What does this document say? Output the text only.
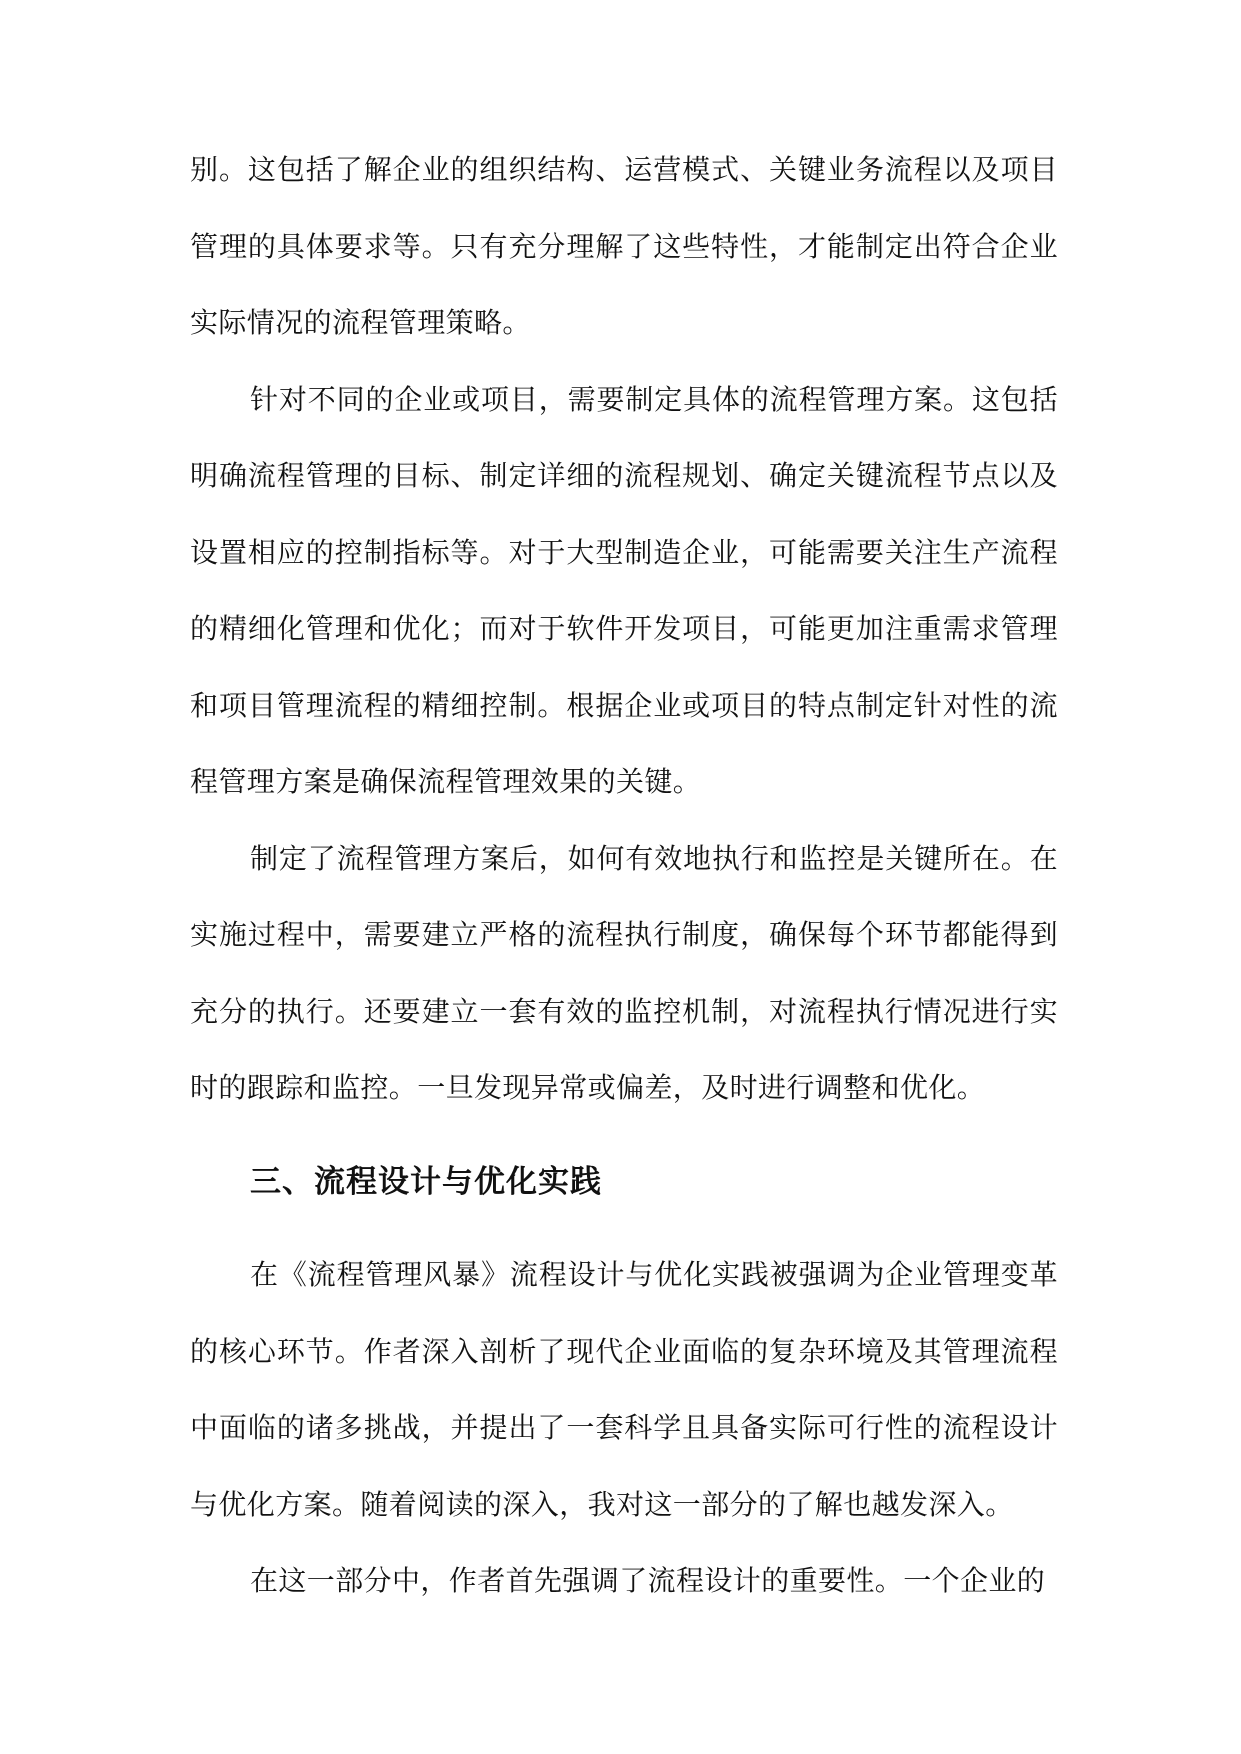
别。这包括了解企业的组织结构、运营模式、关键业务流程以及项目管理的具体要求等。只有充分理解了这些特性，才能制定出符合企业实际情况的流程管理策略。

针对不同的企业或项目，需要制定具体的流程管理方案。这包括明确流程管理的目标、制定详细的流程规划、确定关键流程节点以及设置相应的控制指标等。对于大型制造企业，可能需要关注生产流程的精细化管理和优化；而对于软件开发项目，可能更加注重需求管理和项目管理流程的精细控制。根据企业或项目的特点制定针对性的流程管理方案是确保流程管理效果的关键。

制定了流程管理方案后，如何有效地执行和监控是关键所在。在实施过程中，需要建立严格的流程执行制度，确保每个环节都能得到充分的执行。还要建立一套有效的监控机制，对流程执行情况进行实时的跟踪和监控。一旦发现异常或偏差，及时进行调整和优化。

三、流程设计与优化实践

在《流程管理风暴》流程设计与优化实践被强调为企业管理变革的核心环节。作者深入剖析了现代企业面临的复杂环境及其管理流程中面临的诸多挑战，并提出了一套科学且具备实际可行性的流程设计与优化方案。随着阅读的深入，我对这一部分的了解也越发深入。

在这一部分中，作者首先强调了流程设计的重要性。一个企业的
